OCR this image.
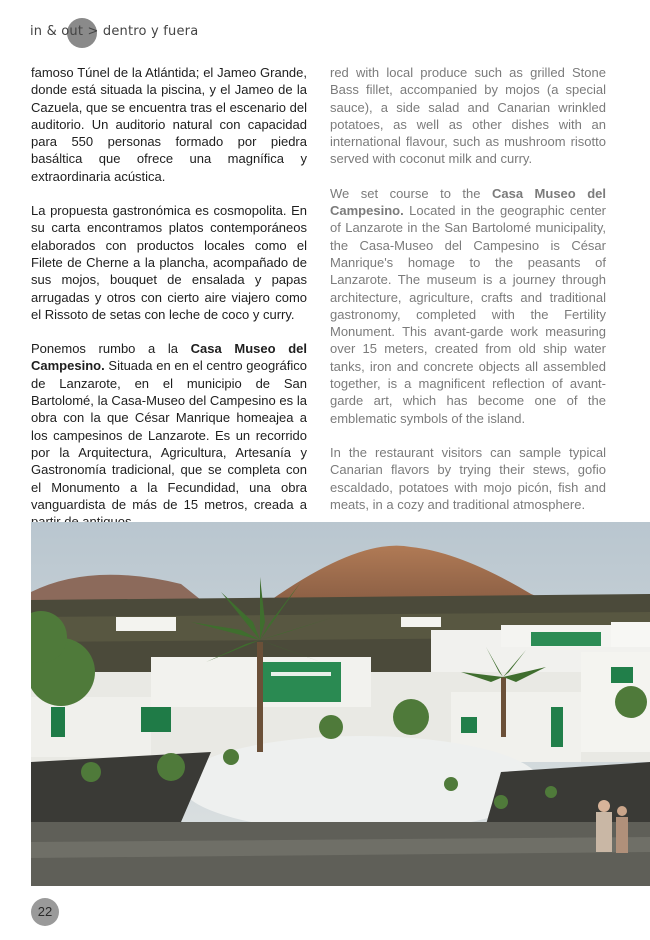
in & out > dentro y fuera

famoso Túnel de la Atlántida; el Jameo Grande, donde está situada la piscina, y el Jameo de la Cazuela, que se encuentra tras el escenario del auditorio. Un auditorio natural con capacidad para 550 personas formado por piedra basáltica que ofrece una magnífica y extraordinaria acústica.

La propuesta gastronómica es cosmopolita. En su carta encontramos platos contemporáneos elaborados con productos locales como el Filete de Cherne a la plancha, acompañado de sus mojos, bouquet de ensalada y papas arrugadas y otros con cierto aire viajero como el Rissoto de setas con leche de coco y curry.

Ponemos rumbo a la Casa Museo del Campesino. Situada en en el centro geográfico de Lanzarote, en el municipio de San Bartolomé, la Casa-Museo del Campesino es la obra con la que César Manrique homeajea a los campesinos de Lanzarote. Es un recorrido por la Arquitectura, Agricultura, Artesanía y Gastronomía tradicional, que se completa con el Monumento a la Fecundidad, una obra vanguardista de más de 15 metros, creada a

red with local produce such as grilled Stone Bass fillet, accompanied by mojos (a special sauce), a side salad and Canarian wrinkled potatoes, as well as other dishes with an international flavour, such as mushroom risotto served with coconut milk and curry.

We set course to the Casa Museo del Campesino. Located in the geographic center of Lanzarote in the San Bartolomé municipality, the Casa-Museo del Campesino is César Manrique's homage to the peasants of Lanzarote. The museum is a journey through architecture, agriculture, crafts and traditional gastronomy, completed with the Fertility Monument. This avant-garde work measuring over 15 meters, created from old ship water tanks, iron and concrete objects all assembled together, is a magnificent reflection of avant-garde art, which has become one of the emblematic symbols of the island.

In the restaurant visitors can sample typical Canarian flavors by trying their stews, gofio escaldado, potatoes with mojo picón, fish and meats, in a cozy and traditional atmosphere.

22
